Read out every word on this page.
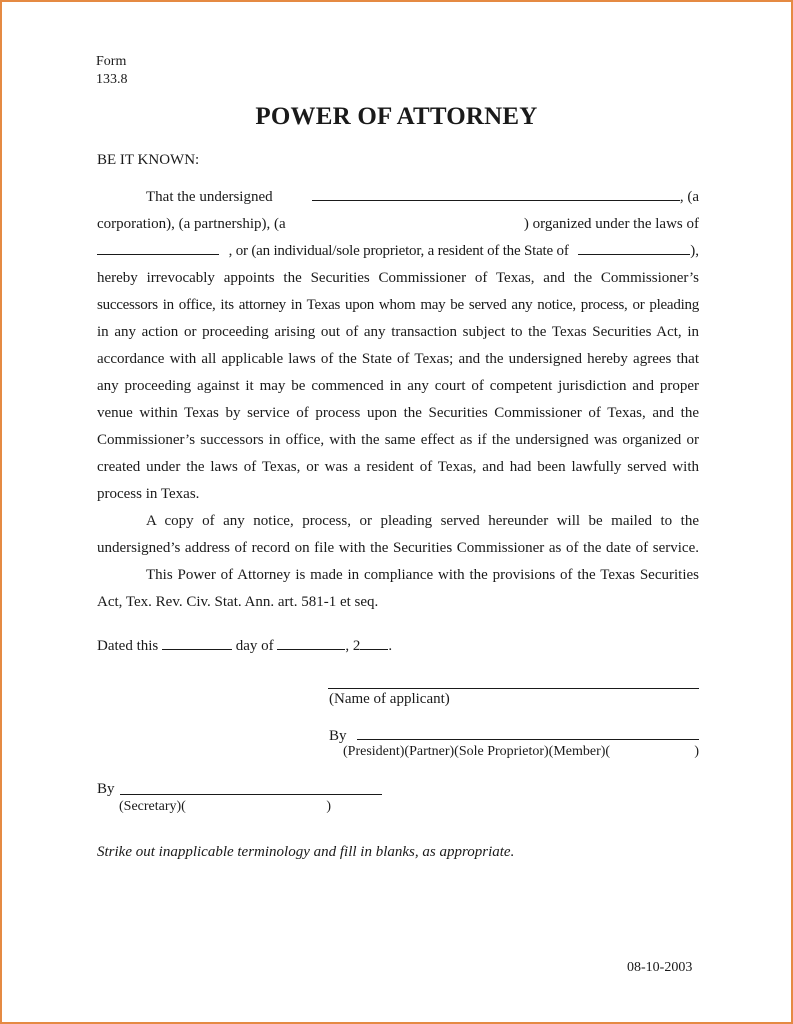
Form
133.8
POWER OF ATTORNEY
BE IT KNOWN:
That the undersigned	, (a
corporation), (a partnership), (a	) organized under the laws of
, or (an individual/sole proprietor, a resident of the State of	),
hereby irrevocably appoints the Securities Commissioner of Texas, and the Commissioner’s
successors in office, its attorney in Texas upon whom may be served any notice, process, or pleading
in any action or proceeding arising out of any transaction subject to the Texas Securities Act, in
accordance with all applicable laws of the State of Texas; and the undersigned hereby agrees that
any proceeding against it may be commenced in any court of competent jurisdiction and proper
venue within Texas by service of process upon the Securities Commissioner of Texas, and the
Commissioner’s successors in office, with the same effect as if the undersigned was organized or
created under the laws of Texas, or was a resident of Texas, and had been lawfully served with
process in Texas.
A copy of any notice, process, or pleading served hereunder will be mailed to the
undersigned’s address of record on file with the Securities Commissioner as of the date of service.
This Power of Attorney is made in compliance with the provisions of the Texas Securities
Act, Tex. Rev. Civ. Stat. Ann. art. 581-1 et seq.
Dated this

	day of
	, 2 .
(Name of applicant)
By
(President)(Partner)(Sole Proprietor)(Member)(	)
By
(Secretary)(	)
Strike out inapplicable terminology and fill in blanks, as appropriate.
08-10-2003
